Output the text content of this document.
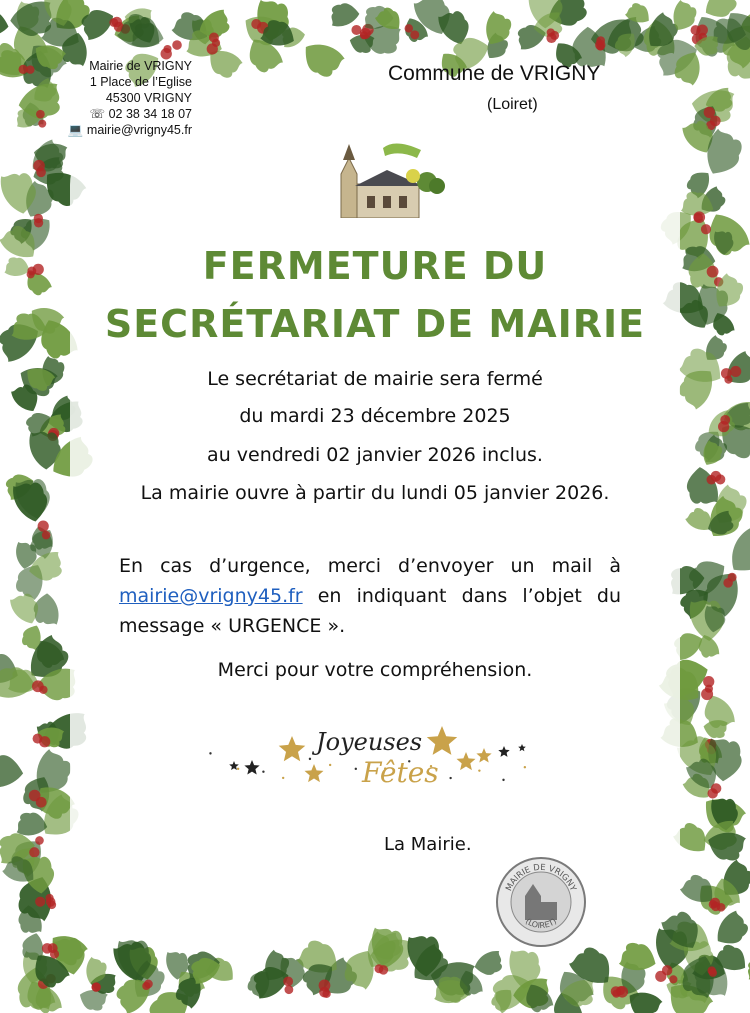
Mairie de VRIGNY
1 Place de l’Eglise
45300 VRIGNY
☏ 02 38 34 18 07
💻 mairie@vrigny45.fr
Commune de VRIGNY
(Loiret)
FERMETURE DU
SECRÉTARIAT DE MAIRIE
Le secrétariat de mairie sera fermé
du mardi 23 décembre 2025
au vendredi 02 janvier 2026 inclus.
La mairie ouvre à partir du lundi 05 janvier 2026.
En cas d’urgence, merci d’envoyer un mail à mairie@vrigny45.fr en indiquant dans l’objet du message « URGENCE ».
Merci pour votre compréhension.
Joyeuses
Fêtes
La Mairie.
MAIRIE DE VRIGNY
(LOIRET)
